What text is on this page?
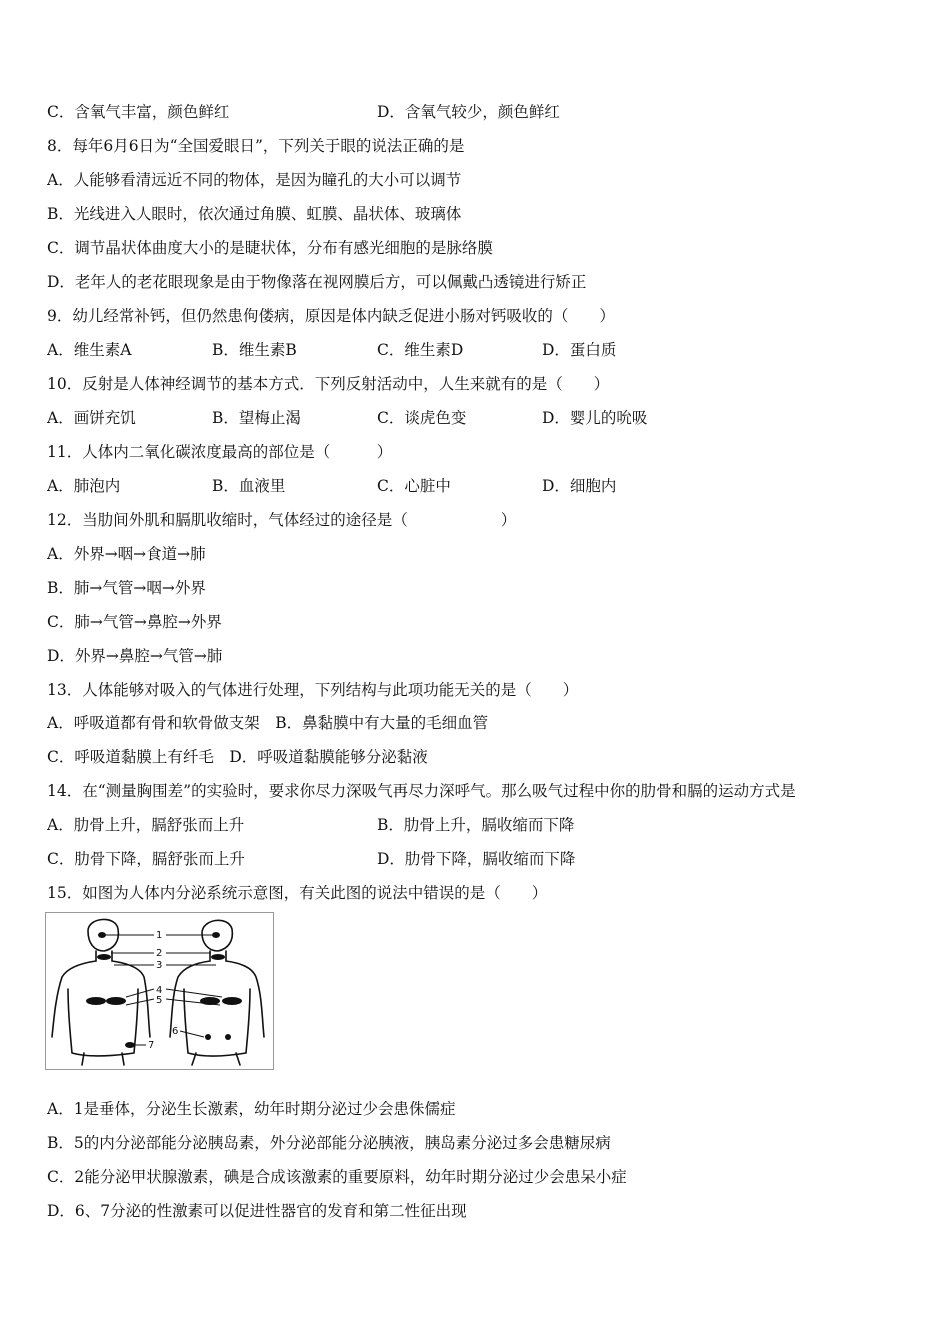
C．含氧气丰富，颜色鲜红	D．含氧气较少，颜色鲜红
8．每年6月6日为“全国爱眼日”，下列关于眼的说法正确的是
A．人能够看清远近不同的物体，是因为瞳孔的大小可以调节
B．光线进入人眼时，依次通过角膜、虹膜、晶状体、玻璃体
C．调节晶状体曲度大小的是睫状体，分布有感光细胞的是脉络膜
D．老年人的老花眼现象是由于物像落在视网膜后方，可以佩戴凸透镜进行矫正
9．幼儿经常补钙，但仍然患佝偻病，原因是体内缺乏促进小肠对钙吸收的（　　）
A．维生素A	B．维生素B	C．维生素D	D．蛋白质
10．反射是人体神经调节的基本方式．下列反射活动中，人生来就有的是（　　）
A．画饼充饥	B．望梅止渴	C．谈虎色变	D．婴儿的吮吸
11．人体内二氧化碳浓度最高的部位是（　　　）
A．肺泡内	B．血液里	C．心脏中	D．细胞内
12．当肋间外肌和膈肌收缩时，气体经过的途径是（　　　　　　）
A．外界→咽→食道→肺
B．肺→气管→咽→外界
C．肺→气管→鼻腔→外界
D．外界→鼻腔→气管→肺
13．人体能够对吸入的气体进行处理，下列结构与此项功能无关的是（　　）
A．呼吸道都有骨和软骨做支架　B．鼻黏膜中有大量的毛细血管
C．呼吸道黏膜上有纤毛　D．呼吸道黏膜能够分泌黏液
14．在“测量胸围差”的实验时，要求你尽力深吸气再尽力深呼气。那么吸气过程中你的肋骨和膈的运动方式是
A．肋骨上升，膈舒张而上升	B．肋骨上升，膈收缩而下降
C．肋骨下降，膈舒张而上升	D．肋骨下降，膈收缩而下降
15．如图为人体内分泌系统示意图，有关此图的说法中错误的是（　　）
1
2
3
4
5
6
7
A．1是垂体，分泌生长激素，幼年时期分泌过少会患侏儒症
B．5的内分泌部能分泌胰岛素，外分泌部能分泌胰液，胰岛素分泌过多会患糖尿病
C．2能分泌甲状腺激素，碘是合成该激素的重要原料，幼年时期分泌过少会患呆小症
D．6、7分泌的性激素可以促进性器官的发育和第二性征出现
